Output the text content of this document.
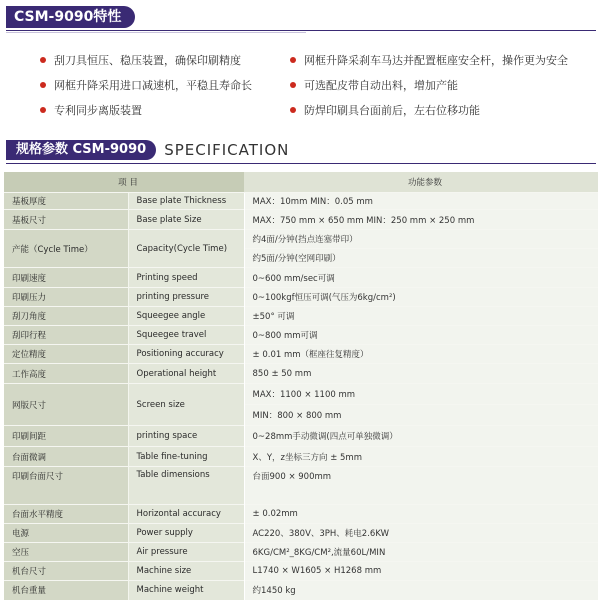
CSM-9090特性
刮刀具恒压、稳压装置，确保印刷精度
网框升降采用进口减速机，平稳且寿命长
专利同步离版装置
网框升降采刹车马达并配置框座安全杆，操作更为安全
可选配皮带自动出料，增加产能
防焊印刷具台面前后，左右位移功能
规格参数 CSM-9090	SPECIFICATION
项 目		功能参数
基板厚度	Base plate Thickness	MAX：10mm MIN：0.05 mm
基板尺寸	Base plate Size	MAX：750 mm × 650 mm MIN：250 mm × 250 mm
产能（Cycle Time）	Capacity(Cycle Time)	约4面/分钟(挡点连塞带印）
		约5面/分钟(空网印刷）
印刷速度	Printing speed	0~600 mm/sec可调
印刷压力	printing pressure	0~100kgf恒压可调(气压为6kg/cm²)
刮刀角度	Squeegee angle	±50° 可调
刮印行程	Squeegee travel	0~800 mm可调
定位精度	Positioning accuracy	± 0.01 mm（框座往复精度）
工作高度	Operational height	850 ± 50 mm
网版尺寸	Screen size	MAX：1100 × 1100 mm
		MIN：800 × 800 mm
印刷间距	printing space	0~28mm手动微调(四点可单独微调）
台面微调	Table fine-tuning	X、Y，z坐标三方向 ± 5mm
印刷台面尺寸	Table dimensions	台面900 × 900mm
台面水平精度	Horizontal accuracy	± 0.02mm
电源	Power supply	AC220、380V、3PH、耗电2.6KW
空压	Air pressure	6KG/CM²_8KG/CM²,流量60L/MIN
机台尺寸	Machine size	L1740 × W1605 × H1268 mm
机台重量	Machine weight	约1450 kg
